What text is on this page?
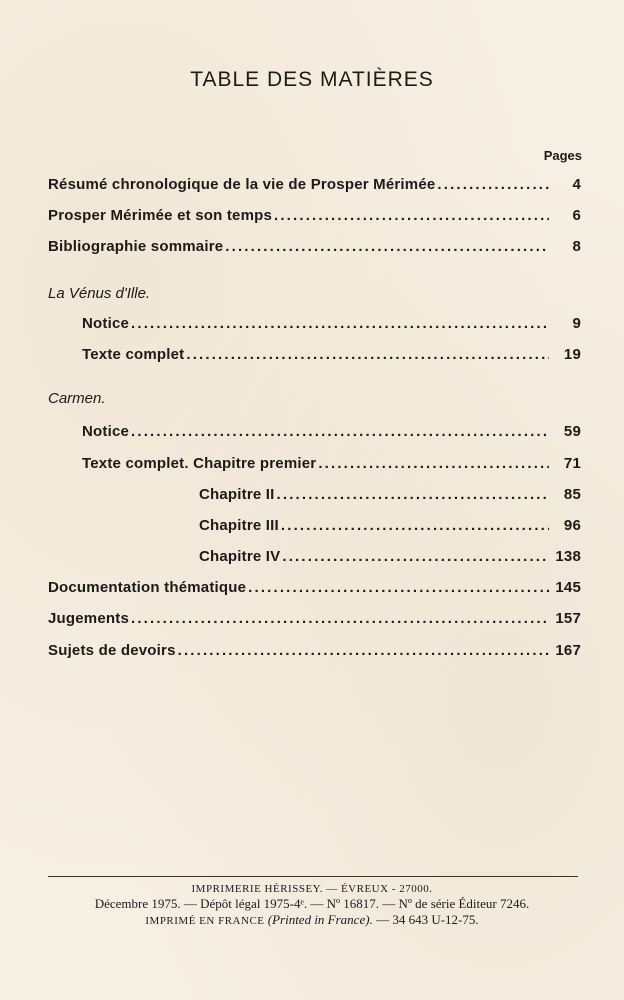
TABLE DES MATIÈRES
Pages
Résumé chronologique de la vie de Prosper Mérimée . . .	4
Prosper Mérimée et son temps . . .	6
Bibliographie sommaire . . .	8
La Vénus d'Ille.
Notice . . .	9
Texte complet . . .	19
Carmen.
Notice . . .	59
Texte complet. Chapitre premier . . .	71
Chapitre II . . .	85
Chapitre III . . .	96
Chapitre IV . . .	138
Documentation thématique . . .	145
Jugements . . .	157
Sujets de devoirs . . .	167
IMPRIMERIE HÉRISSEY. — ÉVREUX - 27000.
Décembre 1975. — Dépôt légal 1975-4ᵉ. — Nº 16817. — Nº de série Éditeur 7246.
IMPRIMÉ EN FRANCE (Printed in France). — 34 643 U-12-75.
